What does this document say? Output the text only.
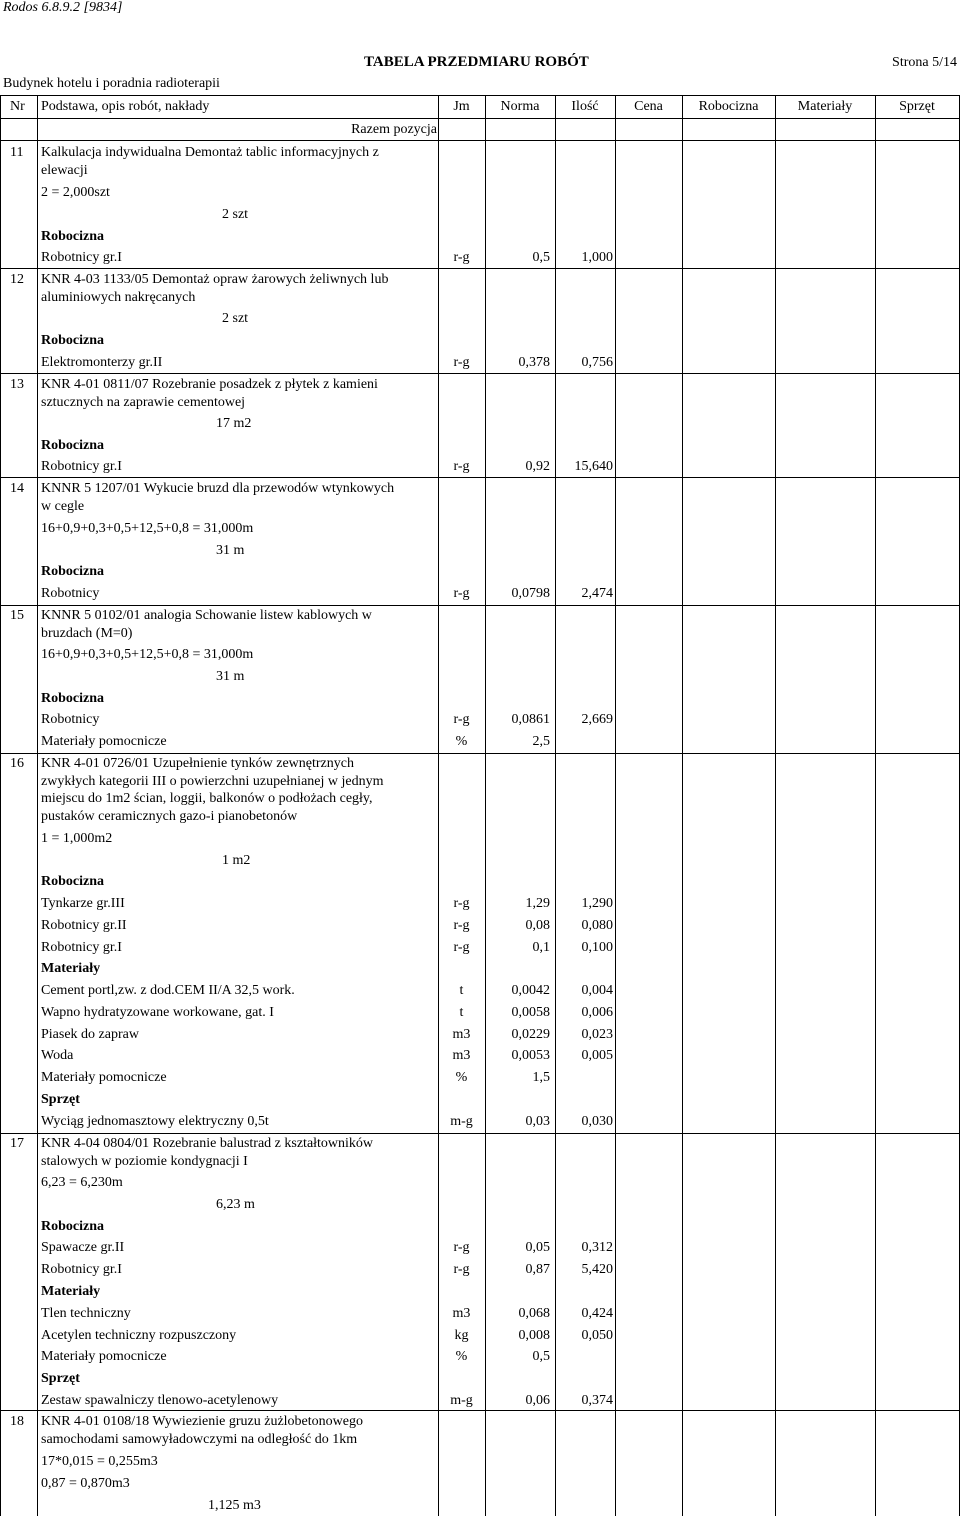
Rodos 6.8.9.2 [9834]
TABELA PRZEDMIARU ROBÓT	Strona 5/14
Budynek hotelu i poradnia radioterapii
Nr	Podstawa, opis robót, nakłady	Jm	Norma	Ilość	Cena	Robocizna	Materiały	Sprzęt
Razem pozycja
11 Kalkulacja indywidualna Demontaż tablic informacyjnych z
elewacji
2 = 2,000szt
2 szt
Robocizna
Robotnicy gr.I	r-g	0,5	1,000
12 KNR 4-03 1133/05 Demontaż opraw żarowych żeliwnych lub
aluminiowych nakręcanych
2 szt
Robocizna
Elektromonterzy gr.II	r-g	0,378	0,756
13 KNR 4-01 0811/07 Rozebranie posadzek z płytek z kamieni
sztucznych na zaprawie cementowej
17 m2
Robocizna
Robotnicy gr.I	r-g	0,92	15,640
14 KNNR 5 1207/01 Wykucie bruzd dla przewodów wtynkowych
w cegle
16+0,9+0,3+0,5+12,5+0,8 = 31,000m
31 m
Robocizna
Robotnicy	r-g	0,0798	2,474
15 KNNR 5 0102/01 analogia Schowanie listew kablowych w
bruzdach (M=0)
16+0,9+0,3+0,5+12,5+0,8 = 31,000m
31 m
Robocizna
Robotnicy	r-g	0,0861	2,669
Materiały pomocnicze	%	2,5
16 KNR 4-01 0726/01 Uzupełnienie tynków zewnętrznych
zwykłych kategorii III o powierzchni uzupełnianej w jednym
miejscu do 1m2 ścian, loggii, balkonów o podłożach cegły,
pustaków ceramicznych gazo-i pianobetonów
1 = 1,000m2
1 m2
Robocizna
Tynkarze gr.III	r-g	1,29	1,290
Robotnicy gr.II	r-g	0,08	0,080
Robotnicy gr.I	r-g	0,1	0,100
Materiały
Cement portl,zw. z dod.CEM II/A 32,5 work.	t	0,0042	0,004
Wapno hydratyzowane workowane, gat. I	t	0,0058	0,006
Piasek do zapraw	m3	0,0229	0,023
Woda	m3	0,0053	0,005
Materiały pomocnicze	%	1,5
Sprzęt
Wyciąg jednomasztowy elektryczny 0,5t	m-g	0,03	0,030
17 KNR 4-04 0804/01 Rozebranie balustrad z kształtowników
stalowych w poziomie kondygnacji I
6,23 = 6,230m
6,23 m
Robocizna
Spawacze gr.II	r-g	0,05	0,312
Robotnicy gr.I	r-g	0,87	5,420
Materiały
Tlen techniczny	m3	0,068	0,424
Acetylen techniczny rozpuszczony	kg	0,008	0,050
Materiały pomocnicze	%	0,5
Sprzęt
Zestaw spawalniczy tlenowo-acetylenowy	m-g	0,06	0,374
18 KNR 4-01 0108/18 Wywiezienie gruzu żużlobetonowego
samochodami samowyładowczymi na odległość do 1km
17*0,015 = 0,255m3
0,87 = 0,870m3
1,125 m3
